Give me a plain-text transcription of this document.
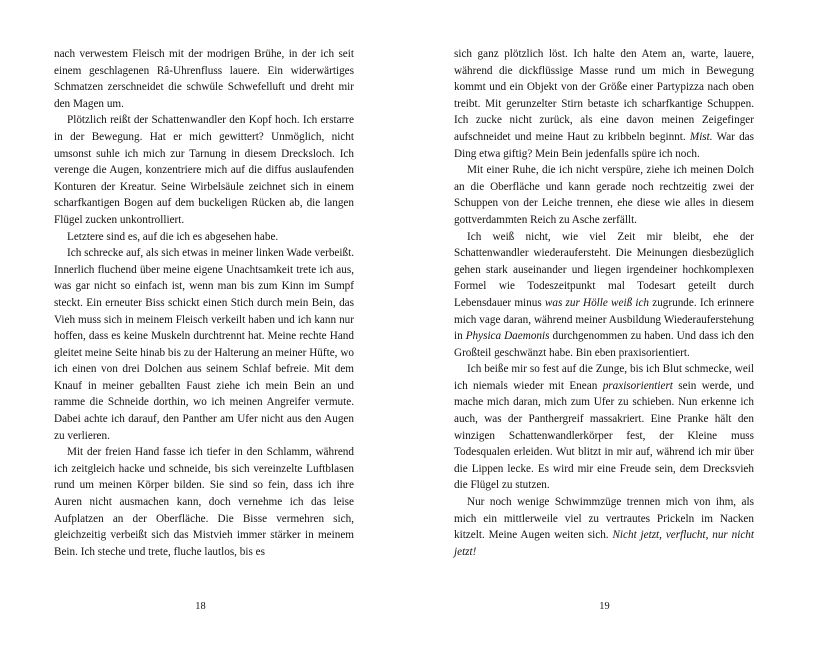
nach verwestem Fleisch mit der modrigen Brühe, in der ich seit einem geschlagenen Râ-Uhrenfluss lauere. Ein widerwärtiges Schmatzen zerschneidet die schwüle Schwefelluft und dreht mir den Magen um.

Plötzlich reißt der Schattenwandler den Kopf hoch. Ich erstarre in der Bewegung. Hat er mich gewittert? Unmöglich, nicht umsonst suhle ich mich zur Tarnung in diesem Drecksloch. Ich verenge die Augen, konzentriere mich auf die diffus auslaufenden Konturen der Kreatur. Seine Wirbelsäule zeichnet sich in einem scharfkantigen Bogen auf dem buckeligen Rücken ab, die langen Flügel zucken unkontrolliert.

Letztere sind es, auf die ich es abgesehen habe.

Ich schrecke auf, als sich etwas in meiner linken Wade verbeißt. Innerlich fluchend über meine eigene Unachtsamkeit trete ich aus, was gar nicht so einfach ist, wenn man bis zum Kinn im Sumpf steckt. Ein erneuter Biss schickt einen Stich durch mein Bein, das Vieh muss sich in meinem Fleisch verkeilt haben und ich kann nur hoffen, dass es keine Muskeln durchtrennt hat. Meine rechte Hand gleitet meine Seite hinab bis zu der Halterung an meiner Hüfte, wo ich einen von drei Dolchen aus seinem Schlaf befreie. Mit dem Knauf in meiner geballten Faust ziehe ich mein Bein an und ramme die Schneide dorthin, wo ich meinen Angreifer vermute. Dabei achte ich darauf, den Panther am Ufer nicht aus den Augen zu verlieren.

Mit der freien Hand fasse ich tiefer in den Schlamm, während ich zeitgleich hacke und schneide, bis sich vereinzelte Luftblasen rund um meinen Körper bilden. Sie sind so fein, dass ich ihre Auren nicht ausmachen kann, doch vernehme ich das leise Aufplatzen an der Oberfläche. Die Bisse vermehren sich, gleichzeitig verbeißt sich das Mistvieh immer stärker in meinem Bein. Ich steche und trete, fluche lautlos, bis es

18

sich ganz plötzlich löst. Ich halte den Atem an, warte, lauere, während die dickflüssige Masse rund um mich in Bewegung kommt und ein Objekt von der Größe einer Partypizza nach oben treibt. Mit gerunzelter Stirn betaste ich scharfkantige Schuppen. Ich zucke nicht zurück, als eine davon meinen Zeigefinger aufschneidet und meine Haut zu kribbeln beginnt. Mist. War das Ding etwa giftig? Mein Bein jedenfalls spüre ich noch.

Mit einer Ruhe, die ich nicht verspüre, ziehe ich meinen Dolch an die Oberfläche und kann gerade noch rechtzeitig zwei der Schuppen von der Leiche trennen, ehe diese wie alles in diesem gottverdammten Reich zu Asche zerfällt.

Ich weiß nicht, wie viel Zeit mir bleibt, ehe der Schattenwandler wiederaufersteht. Die Meinungen diesbezüglich gehen stark auseinander und liegen irgendeiner hochkomplexen Formel wie Todeszeitpunkt mal Todesart geteilt durch Lebensdauer minus was zur Hölle weiß ich zugrunde. Ich erinnere mich vage daran, während meiner Ausbildung Wiederauferstehung in Physica Daemonis durchgenommen zu haben. Und dass ich den Großteil geschwänzt habe. Bin eben praxisorientiert.

Ich beiße mir so fest auf die Zunge, bis ich Blut schmecke, weil ich niemals wieder mit Enean praxisorientiert sein werde, und mache mich daran, mich zum Ufer zu schieben. Nun erkenne ich auch, was der Panthergreif massakriert. Eine Pranke hält den winzigen Schattenwandlerkörper fest, der Kleine muss Todesqualen erleiden. Wut blitzt in mir auf, während ich mir über die Lippen lecke. Es wird mir eine Freude sein, dem Drecksvieh die Flügel zu stutzen.

Nur noch wenige Schwimmzüge trennen mich von ihm, als mich ein mittlerweile viel zu vertrautes Prickeln im Nacken kitzelt. Meine Augen weiten sich. Nicht jetzt, verflucht, nur nicht jetzt!

19
